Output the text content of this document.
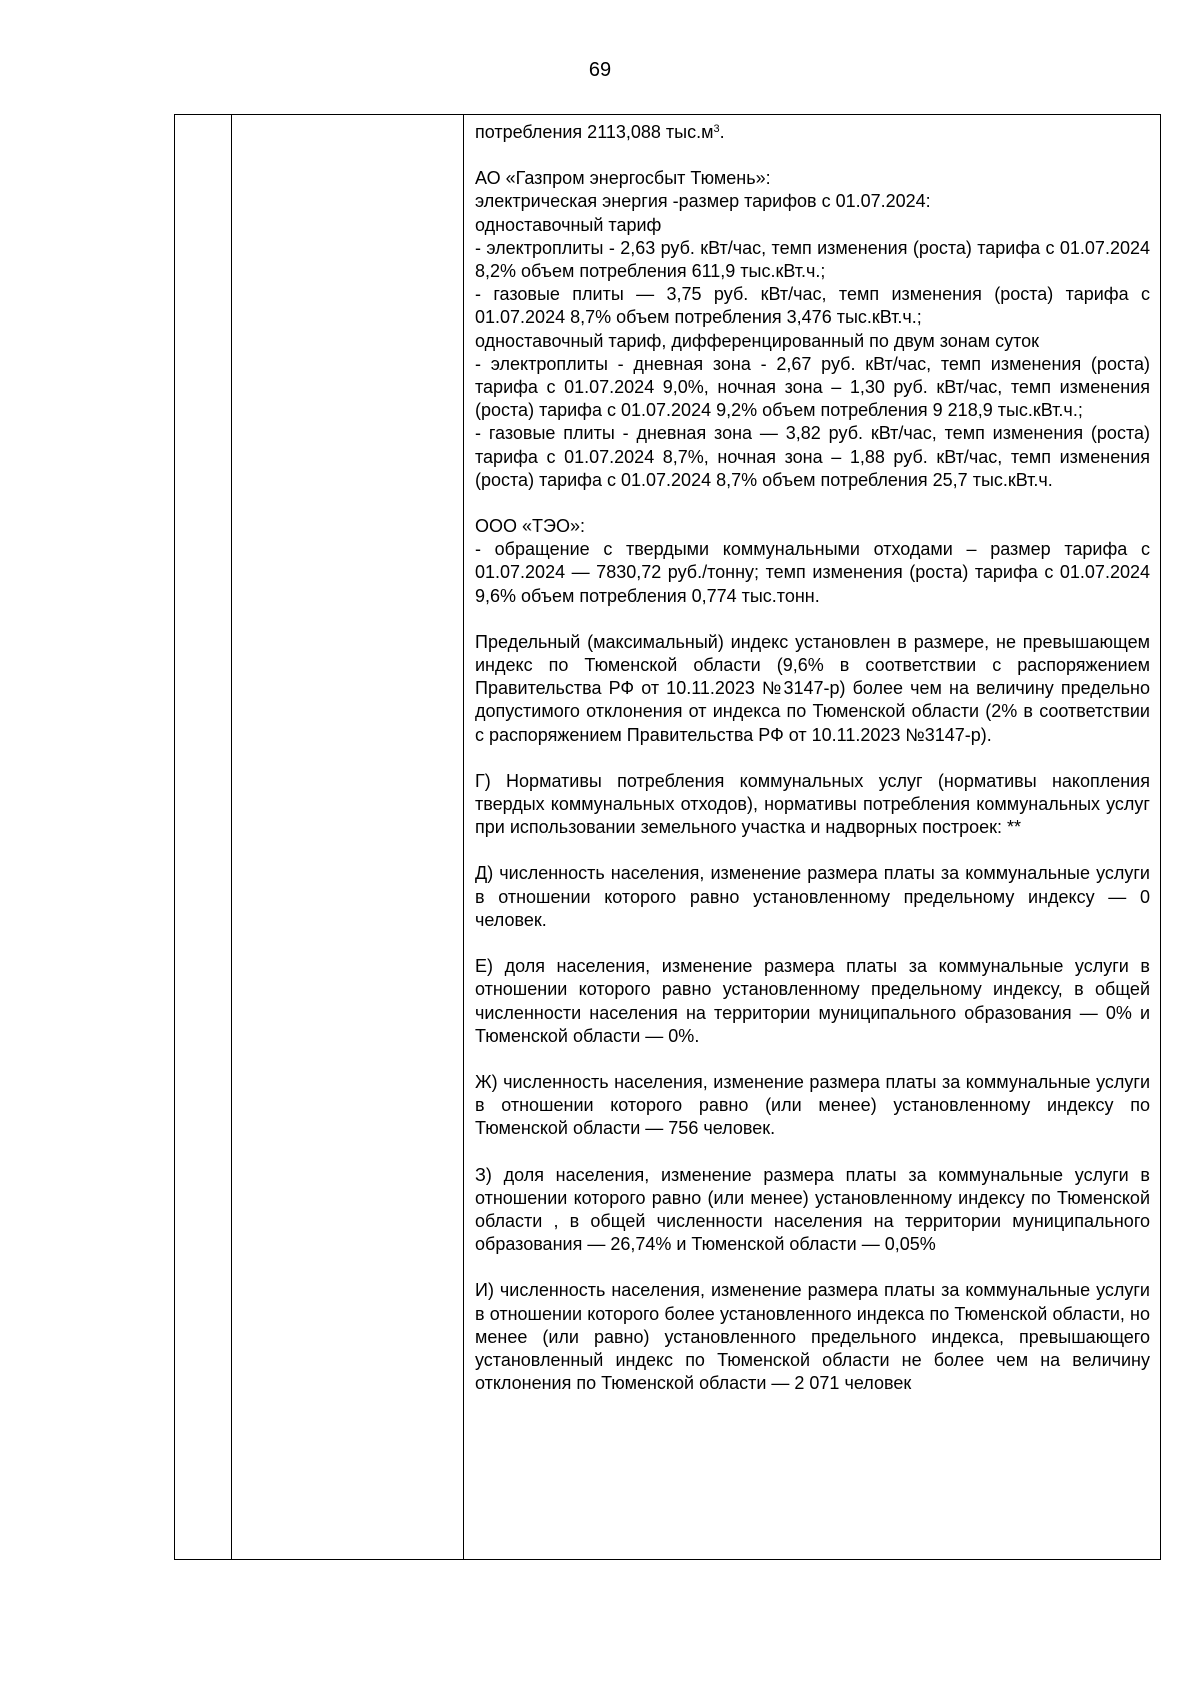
69

потребления 2113,088 $тыс.м^3$.

АО «Газпром энергосбыт Тюмень»:
электрическая энергия -размер тарифов с 01.07.2024:
одноставочный тариф
- электроплиты - 2,63 руб. кВт/час, темп изменения (роста) тарифа с 01.07.2024 8,2% объем потребления 611,9 тыс.кВт.ч.;
- газовые плиты — 3,75 руб. кВт/час, темп изменения (роста) тарифа с 01.07.2024 8,7% объем потребления 3,476 тыс.кВт.ч.;
одноставочный тариф, дифференцированный по двум зонам суток
- электроплиты - дневная зона - 2,67 руб. кВт/час, темп изменения (роста) тарифа с 01.07.2024 9,0%, ночная зона – 1,30 руб. кВт/час, темп изменения (роста) тарифа с 01.07.2024 9,2% объем потребления 9 218,9 тыс.кВт.ч.;
- газовые плиты - дневная зона — 3,82 руб. кВт/час, темп изменения (роста) тарифа с 01.07.2024 8,7%, ночная зона – 1,88 руб. кВт/час, темп изменения (роста) тарифа с 01.07.2024 8,7% объем потребления 25,7 тыс.кВт.ч.

ООО «ТЭО»:
- обращение с твердыми коммунальными отходами – размер тарифа с 01.07.2024 — 7830,72 руб./тонну; темп изменения (роста) тарифа с 01.07.2024 9,6% объем потребления 0,774 тыс.тонн.

Предельный (максимальный) индекс установлен в размере, не превышающем индекс по Тюменской области (9,6% в соответствии с распоряжением Правительства РФ от 10.11.2023 №3147-р) более чем на величину предельно допустимого отклонения от индекса по Тюменской области (2% в соответствии с распоряжением Правительства РФ от 10.11.2023 №3147-р).

Г) Нормативы потребления коммунальных услуг (нормативы накопления твердых коммунальных отходов), нормативы потребления коммунальных услуг при использовании земельного участка и надворных построек: **

Д) численность населения, изменение размера платы за коммунальные услуги в отношении которого равно установленному предельному индексу — 0 человек.

Е) доля населения, изменение размера платы за коммунальные услуги в отношении которого равно установленному предельному индексу, в общей численности населения на территории муниципального образования — 0% и Тюменской области — 0%.

Ж) численность населения, изменение размера платы за коммунальные услуги в отношении которого равно (или менее) установленному индексу по Тюменской области — 756 человек.

З) доля населения, изменение размера платы за коммунальные услуги в отношении которого равно (или менее) установленному индексу по Тюменской области , в общей численности населения на территории муниципального образования — 26,74% и Тюменской области — 0,05%

И) численность населения, изменение размера платы за коммунальные услуги в отношении которого более установленного индекса по Тюменской области, но менее (или равно) установленного предельного индекса, превышающего установленный индекс по Тюменской области не более чем на величину отклонения по Тюменской области — 2 071 человек
